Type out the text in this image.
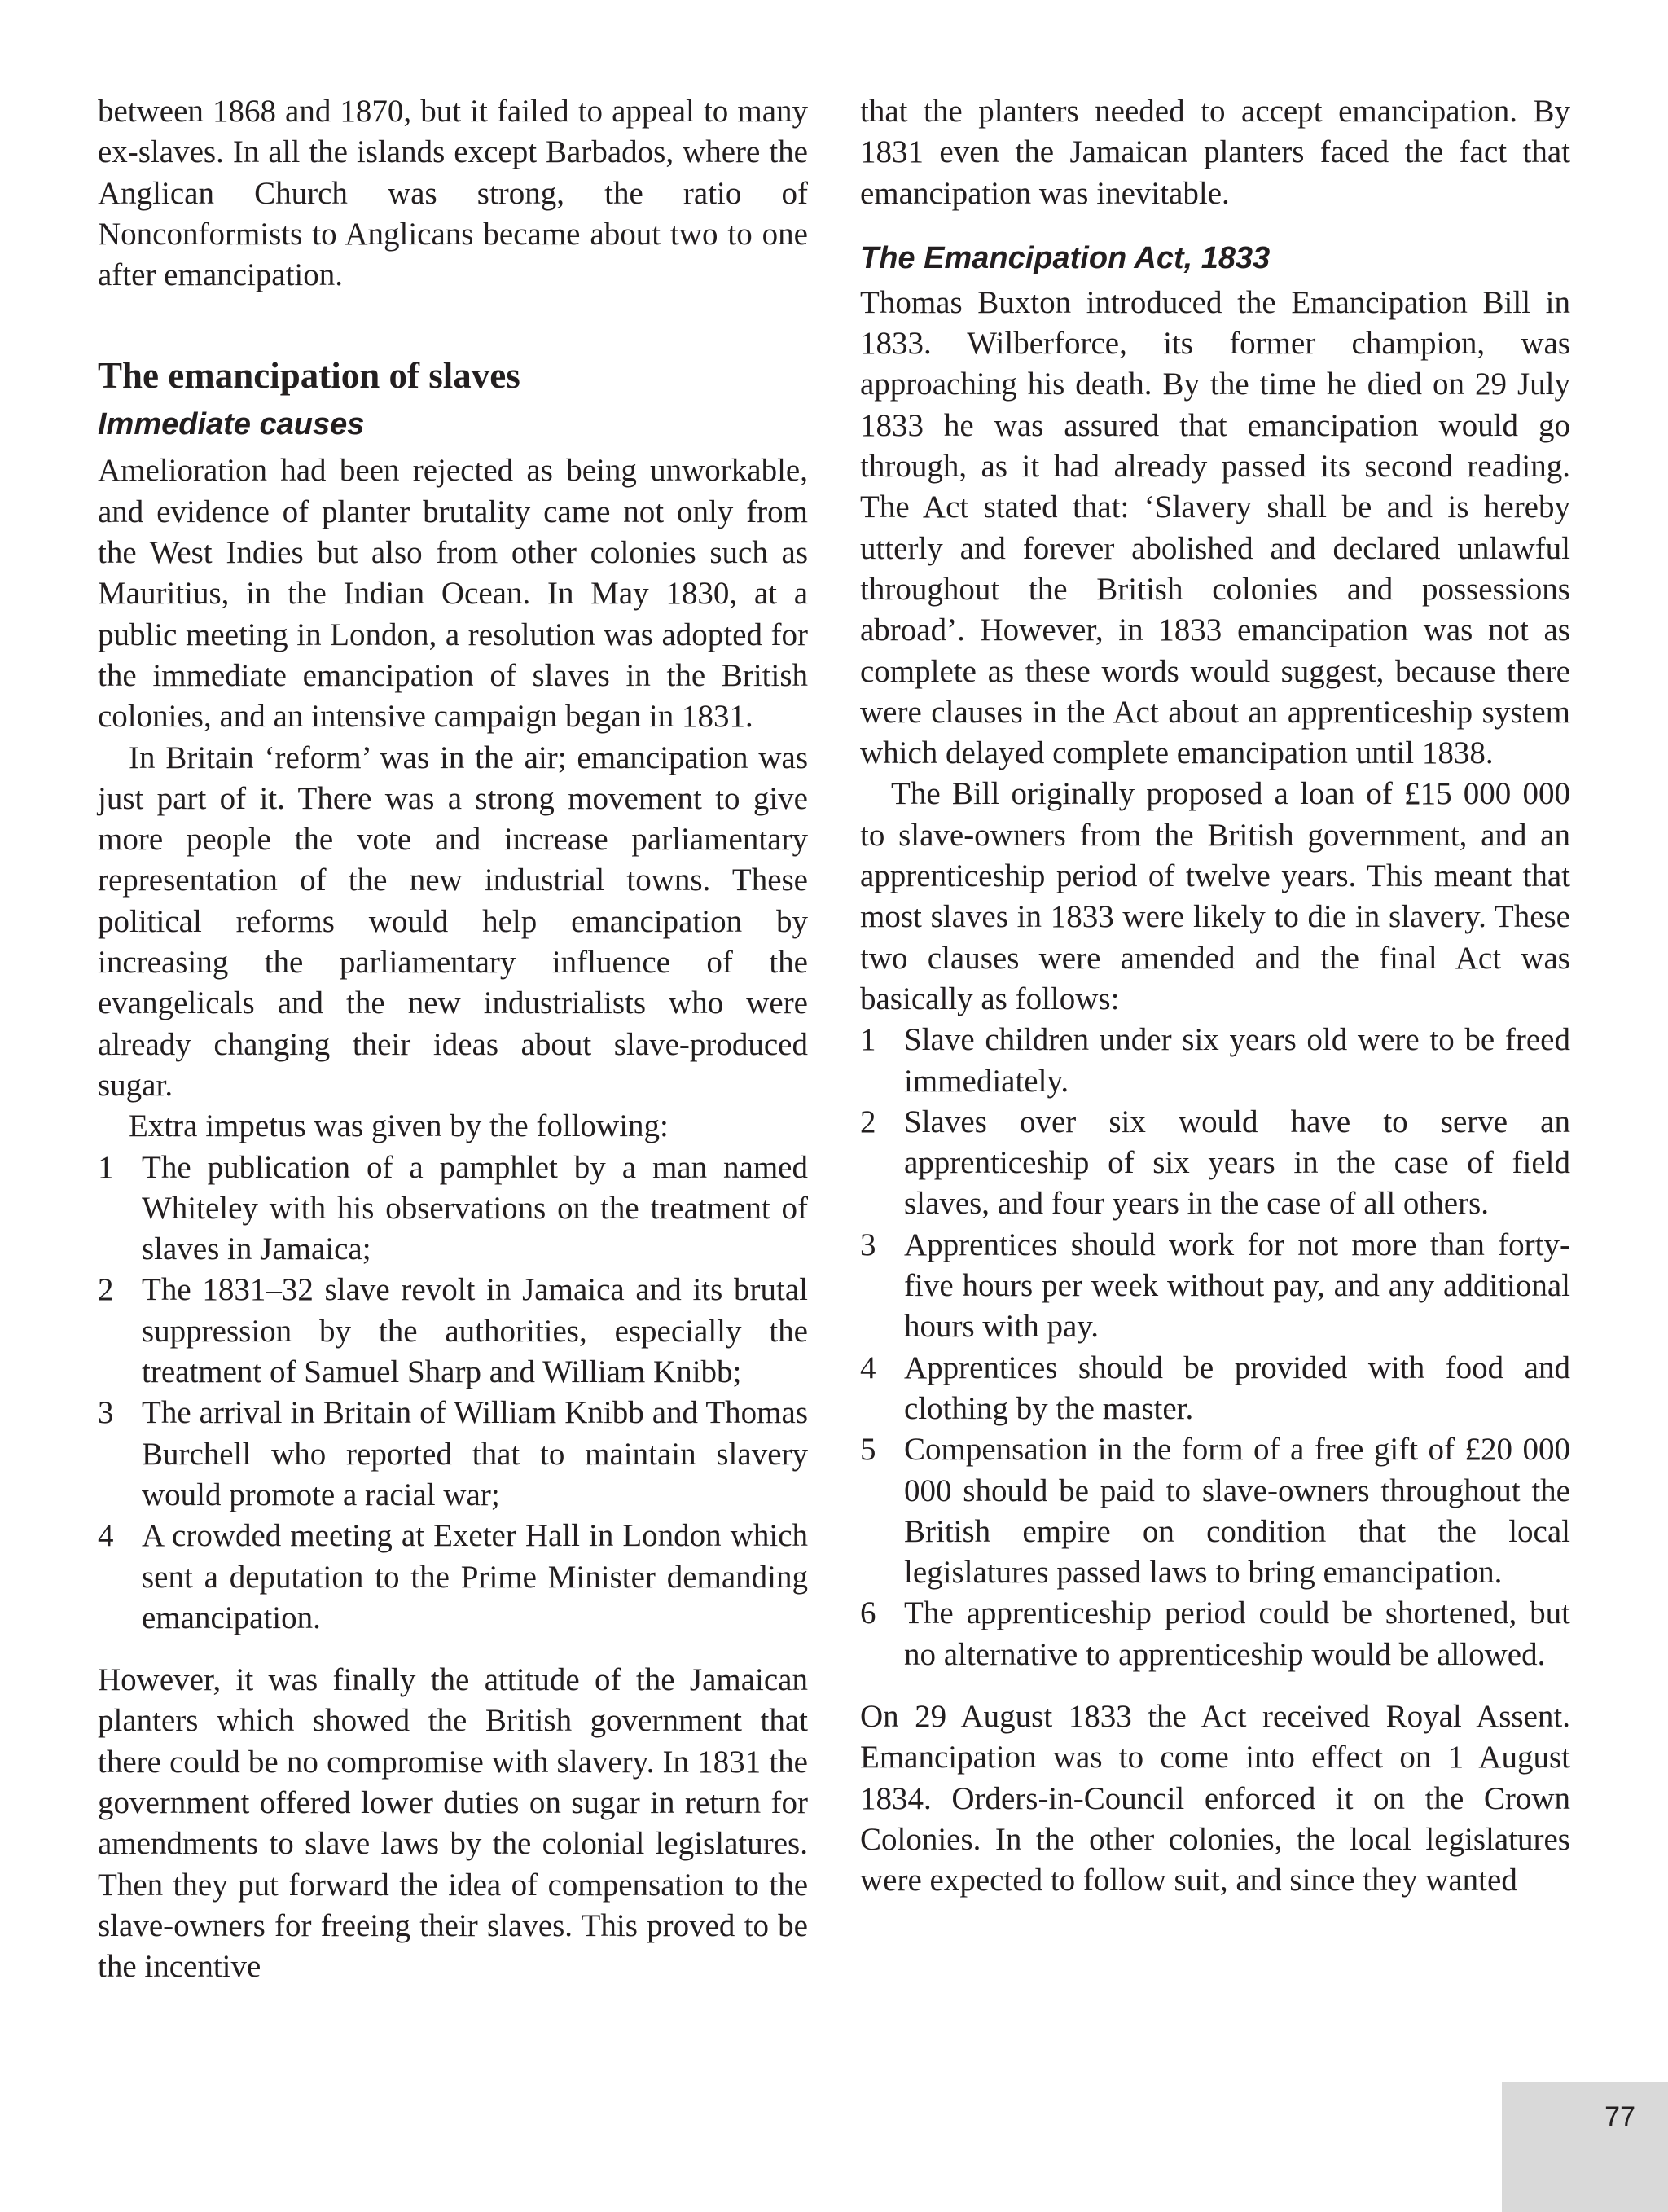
between 1868 and 1870, but it failed to appeal to many ex-slaves. In all the islands except Barbados, where the Anglican Church was strong, the ratio of Nonconformists to Anglicans became about two to one after emancipation.

The emancipation of slaves
Immediate causes

Amelioration had been rejected as being unworkable, and evidence of planter brutality came not only from the West Indies but also from other colonies such as Mauritius, in the Indian Ocean. In May 1830, at a public meeting in London, a resolution was adopted for the immediate emancipation of slaves in the British colonies, and an intensive campaign began in 1831.

In Britain ‘reform’ was in the air; emancipation was just part of it. There was a strong movement to give more people the vote and increase parliamentary representation of the new industrial towns. These political reforms would help emancipation by increasing the parliamentary influence of the evangelicals and the new industrialists who were already changing their ideas about slave-produced sugar.

Extra impetus was given by the following:

1 The publication of a pamphlet by a man named Whiteley with his observations on the treatment of slaves in Jamaica;
2 The 1831–32 slave revolt in Jamaica and its brutal suppression by the authorities, especially the treatment of Samuel Sharp and William Knibb;
3 The arrival in Britain of William Knibb and Thomas Burchell who reported that to maintain slavery would promote a racial war;
4 A crowded meeting at Exeter Hall in London which sent a deputation to the Prime Minister demanding emancipation.

However, it was finally the attitude of the Jamaican planters which showed the British government that there could be no compromise with slavery. In 1831 the government offered lower duties on sugar in return for amendments to slave laws by the colonial legislatures. Then they put forward the idea of compensation to the slave-owners for freeing their slaves. This proved to be the incentive

that the planters needed to accept emancipation. By 1831 even the Jamaican planters faced the fact that emancipation was inevitable.

The Emancipation Act, 1833

Thomas Buxton introduced the Emancipation Bill in 1833. Wilberforce, its former champion, was approaching his death. By the time he died on 29 July 1833 he was assured that emancipation would go through, as it had already passed its second reading. The Act stated that: ‘Slavery shall be and is hereby utterly and forever abolished and declared unlawful throughout the British colonies and possessions abroad’. However, in 1833 emancipation was not as complete as these words would suggest, because there were clauses in the Act about an apprenticeship system which delayed complete emancipation until 1838.

The Bill originally proposed a loan of £15 000 000 to slave-owners from the British government, and an apprenticeship period of twelve years. This meant that most slaves in 1833 were likely to die in slavery. These two clauses were amended and the final Act was basically as follows:

1 Slave children under six years old were to be freed immediately.
2 Slaves over six would have to serve an apprenticeship of six years in the case of field slaves, and four years in the case of all others.
3 Apprentices should work for not more than forty-five hours per week without pay, and any additional hours with pay.
4 Apprentices should be provided with food and clothing by the master.
5 Compensation in the form of a free gift of £20 000 000 should be paid to slave-owners throughout the British empire on condition that the local legislatures passed laws to bring emancipation.
6 The apprenticeship period could be shortened, but no alternative to apprenticeship would be allowed.

On 29 August 1833 the Act received Royal Assent. Emancipation was to come into effect on 1 August 1834. Orders-in-Council enforced it on the Crown Colonies. In the other colonies, the local legislatures were expected to follow suit, and since they wanted

77
